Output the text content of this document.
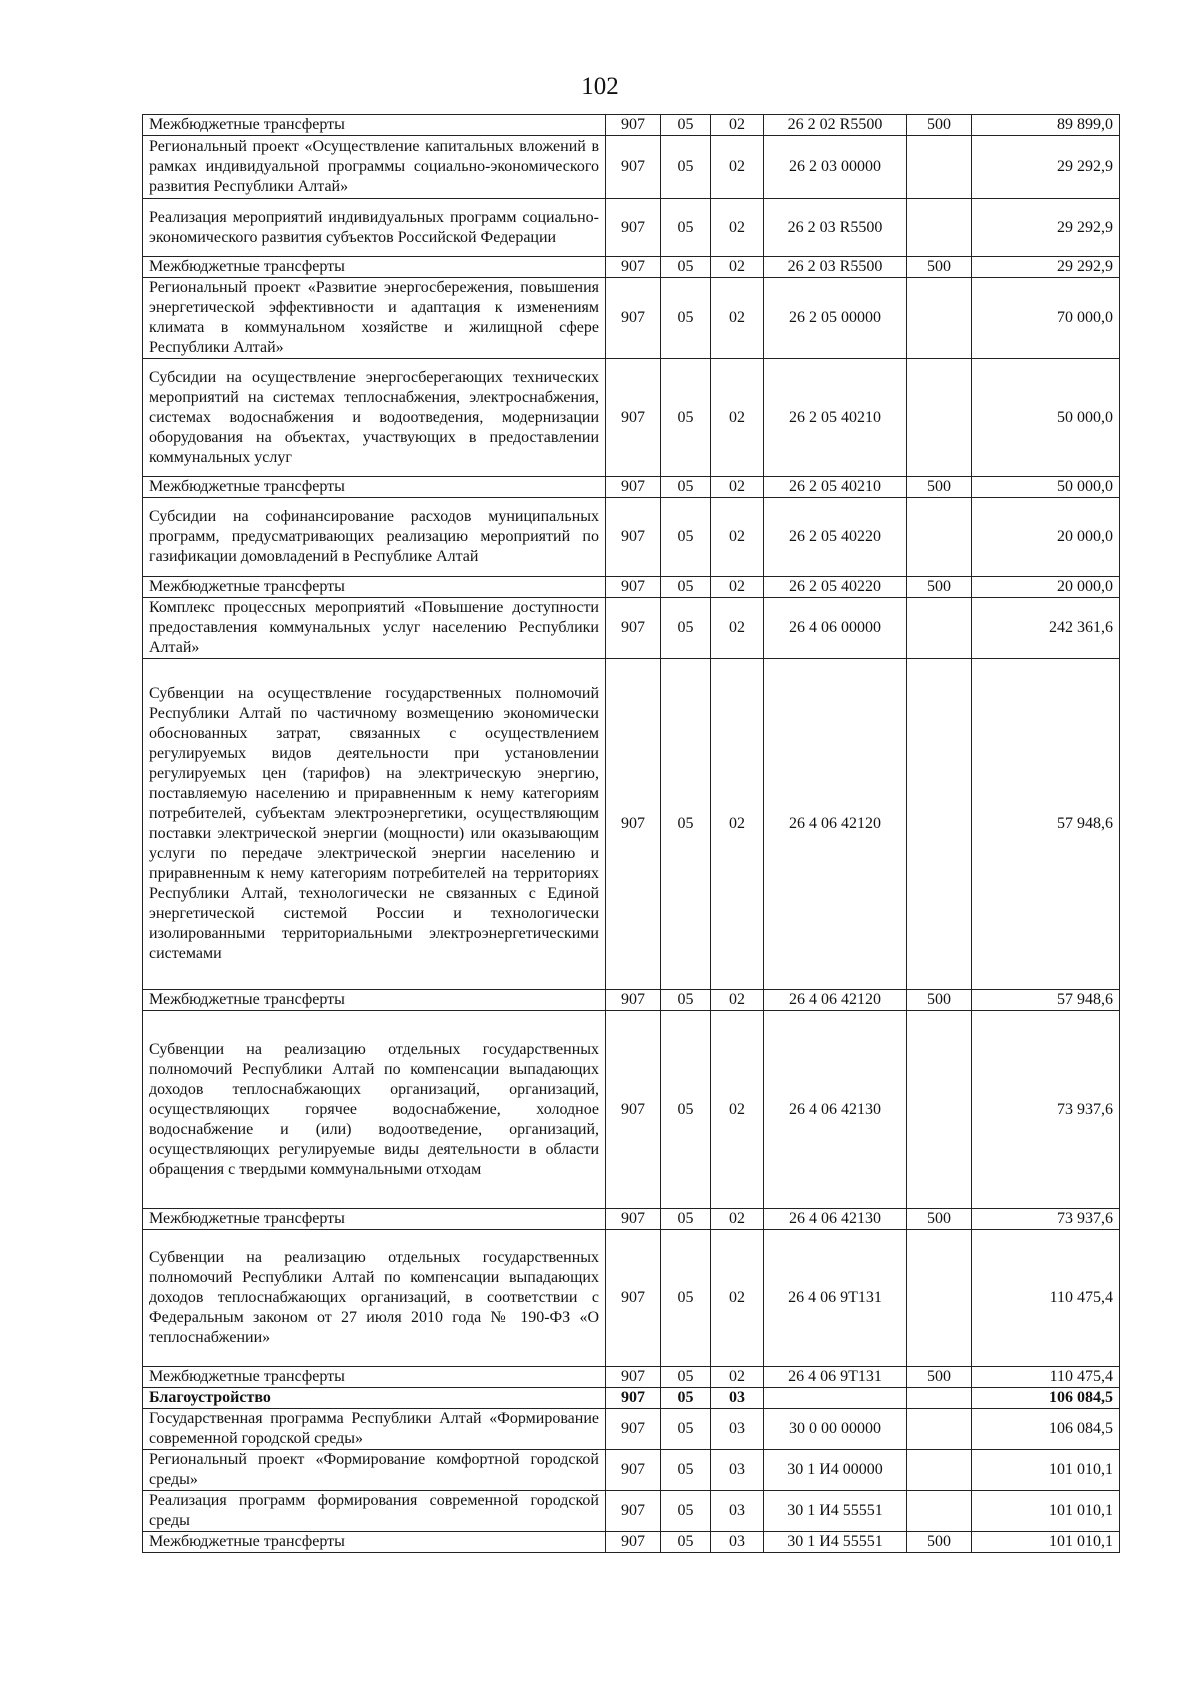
102
Межбюджетные трансферты	907	05	02	26 2 02 R5500	500	89 899,0
Региональный проект «Осуществление капитальных вложений в рамках индивидуальной программы социально-экономического развития Республики Алтай»	907	05	02	26 2 03 00000		29 292,9
Реализация мероприятий индивидуальных программ социально-экономического развития субъектов Российской Федерации	907	05	02	26 2 03 R5500		29 292,9
Межбюджетные трансферты	907	05	02	26 2 03 R5500	500	29 292,9
Региональный проект «Развитие энергосбережения, повышения энергетической эффективности и адаптация к изменениям климата в коммунальном хозяйстве и жилищной сфере Республики Алтай»	907	05	02	26 2 05 00000		70 000,0
Субсидии на осуществление энергосберегающих технических мероприятий на системах теплоснабжения, электроснабжения, системах водоснабжения и водоотведения, модернизации оборудования на объектах, участвующих в предоставлении коммунальных услуг	907	05	02	26 2 05 40210		50 000,0
Межбюджетные трансферты	907	05	02	26 2 05 40210	500	50 000,0
Субсидии на софинансирование расходов муниципальных программ, предусматривающих реализацию мероприятий по газификации домовладений в Республике Алтай	907	05	02	26 2 05 40220		20 000,0
Межбюджетные трансферты	907	05	02	26 2 05 40220	500	20 000,0
Комплекс процессных мероприятий «Повышение доступности предоставления коммунальных услуг населению Республики Алтай»	907	05	02	26 4 06 00000		242 361,6
Субвенции на осуществление государственных полномочий Республики Алтай по частичному возмещению экономически обоснованных затрат, связанных с осуществлением регулируемых видов деятельности при установлении регулируемых цен (тарифов) на электрическую энергию, поставляемую населению и приравненным к нему категориям потребителей, субъектам электроэнергетики, осуществляющим поставки электрической энергии (мощности) или оказывающим услуги по передаче электрической энергии населению и приравненным к нему категориям потребителей на территориях Республики Алтай, технологически не связанных с Единой энергетической системой России и технологически изолированными территориальными электроэнергетическими системами	907	05	02	26 4 06 42120		57 948,6
Межбюджетные трансферты	907	05	02	26 4 06 42120	500	57 948,6
Субвенции на реализацию отдельных государственных полномочий Республики Алтай по компенсации выпадающих доходов теплоснабжающих организаций, организаций, осуществляющих горячее водоснабжение, холодное водоснабжение и (или) водоотведение, организаций, осуществляющих регулируемые виды деятельности в области обращения с твердыми коммунальными отходам	907	05	02	26 4 06 42130		73 937,6
Межбюджетные трансферты	907	05	02	26 4 06 42130	500	73 937,6
Субвенции на реализацию отдельных государственных полномочий Республики Алтай по компенсации выпадающих доходов теплоснабжающих организаций, в соответствии с Федеральным законом от 27 июля 2010 года № 190-ФЗ «О теплоснабжении»	907	05	02	26 4 06 9Т131		110 475,4
Межбюджетные трансферты	907	05	02	26 4 06 9Т131	500	110 475,4
Благоустройство	907	05	03			106 084,5
Государственная программа Республики Алтай «Формирование современной городской среды»	907	05	03	30 0 00 00000		106 084,5
Региональный проект «Формирование комфортной городской среды»	907	05	03	30 1 И4 00000		101 010,1
Реализация программ формирования современной городской среды	907	05	03	30 1 И4 55551		101 010,1
Межбюджетные трансферты	907	05	03	30 1 И4 55551	500	101 010,1
